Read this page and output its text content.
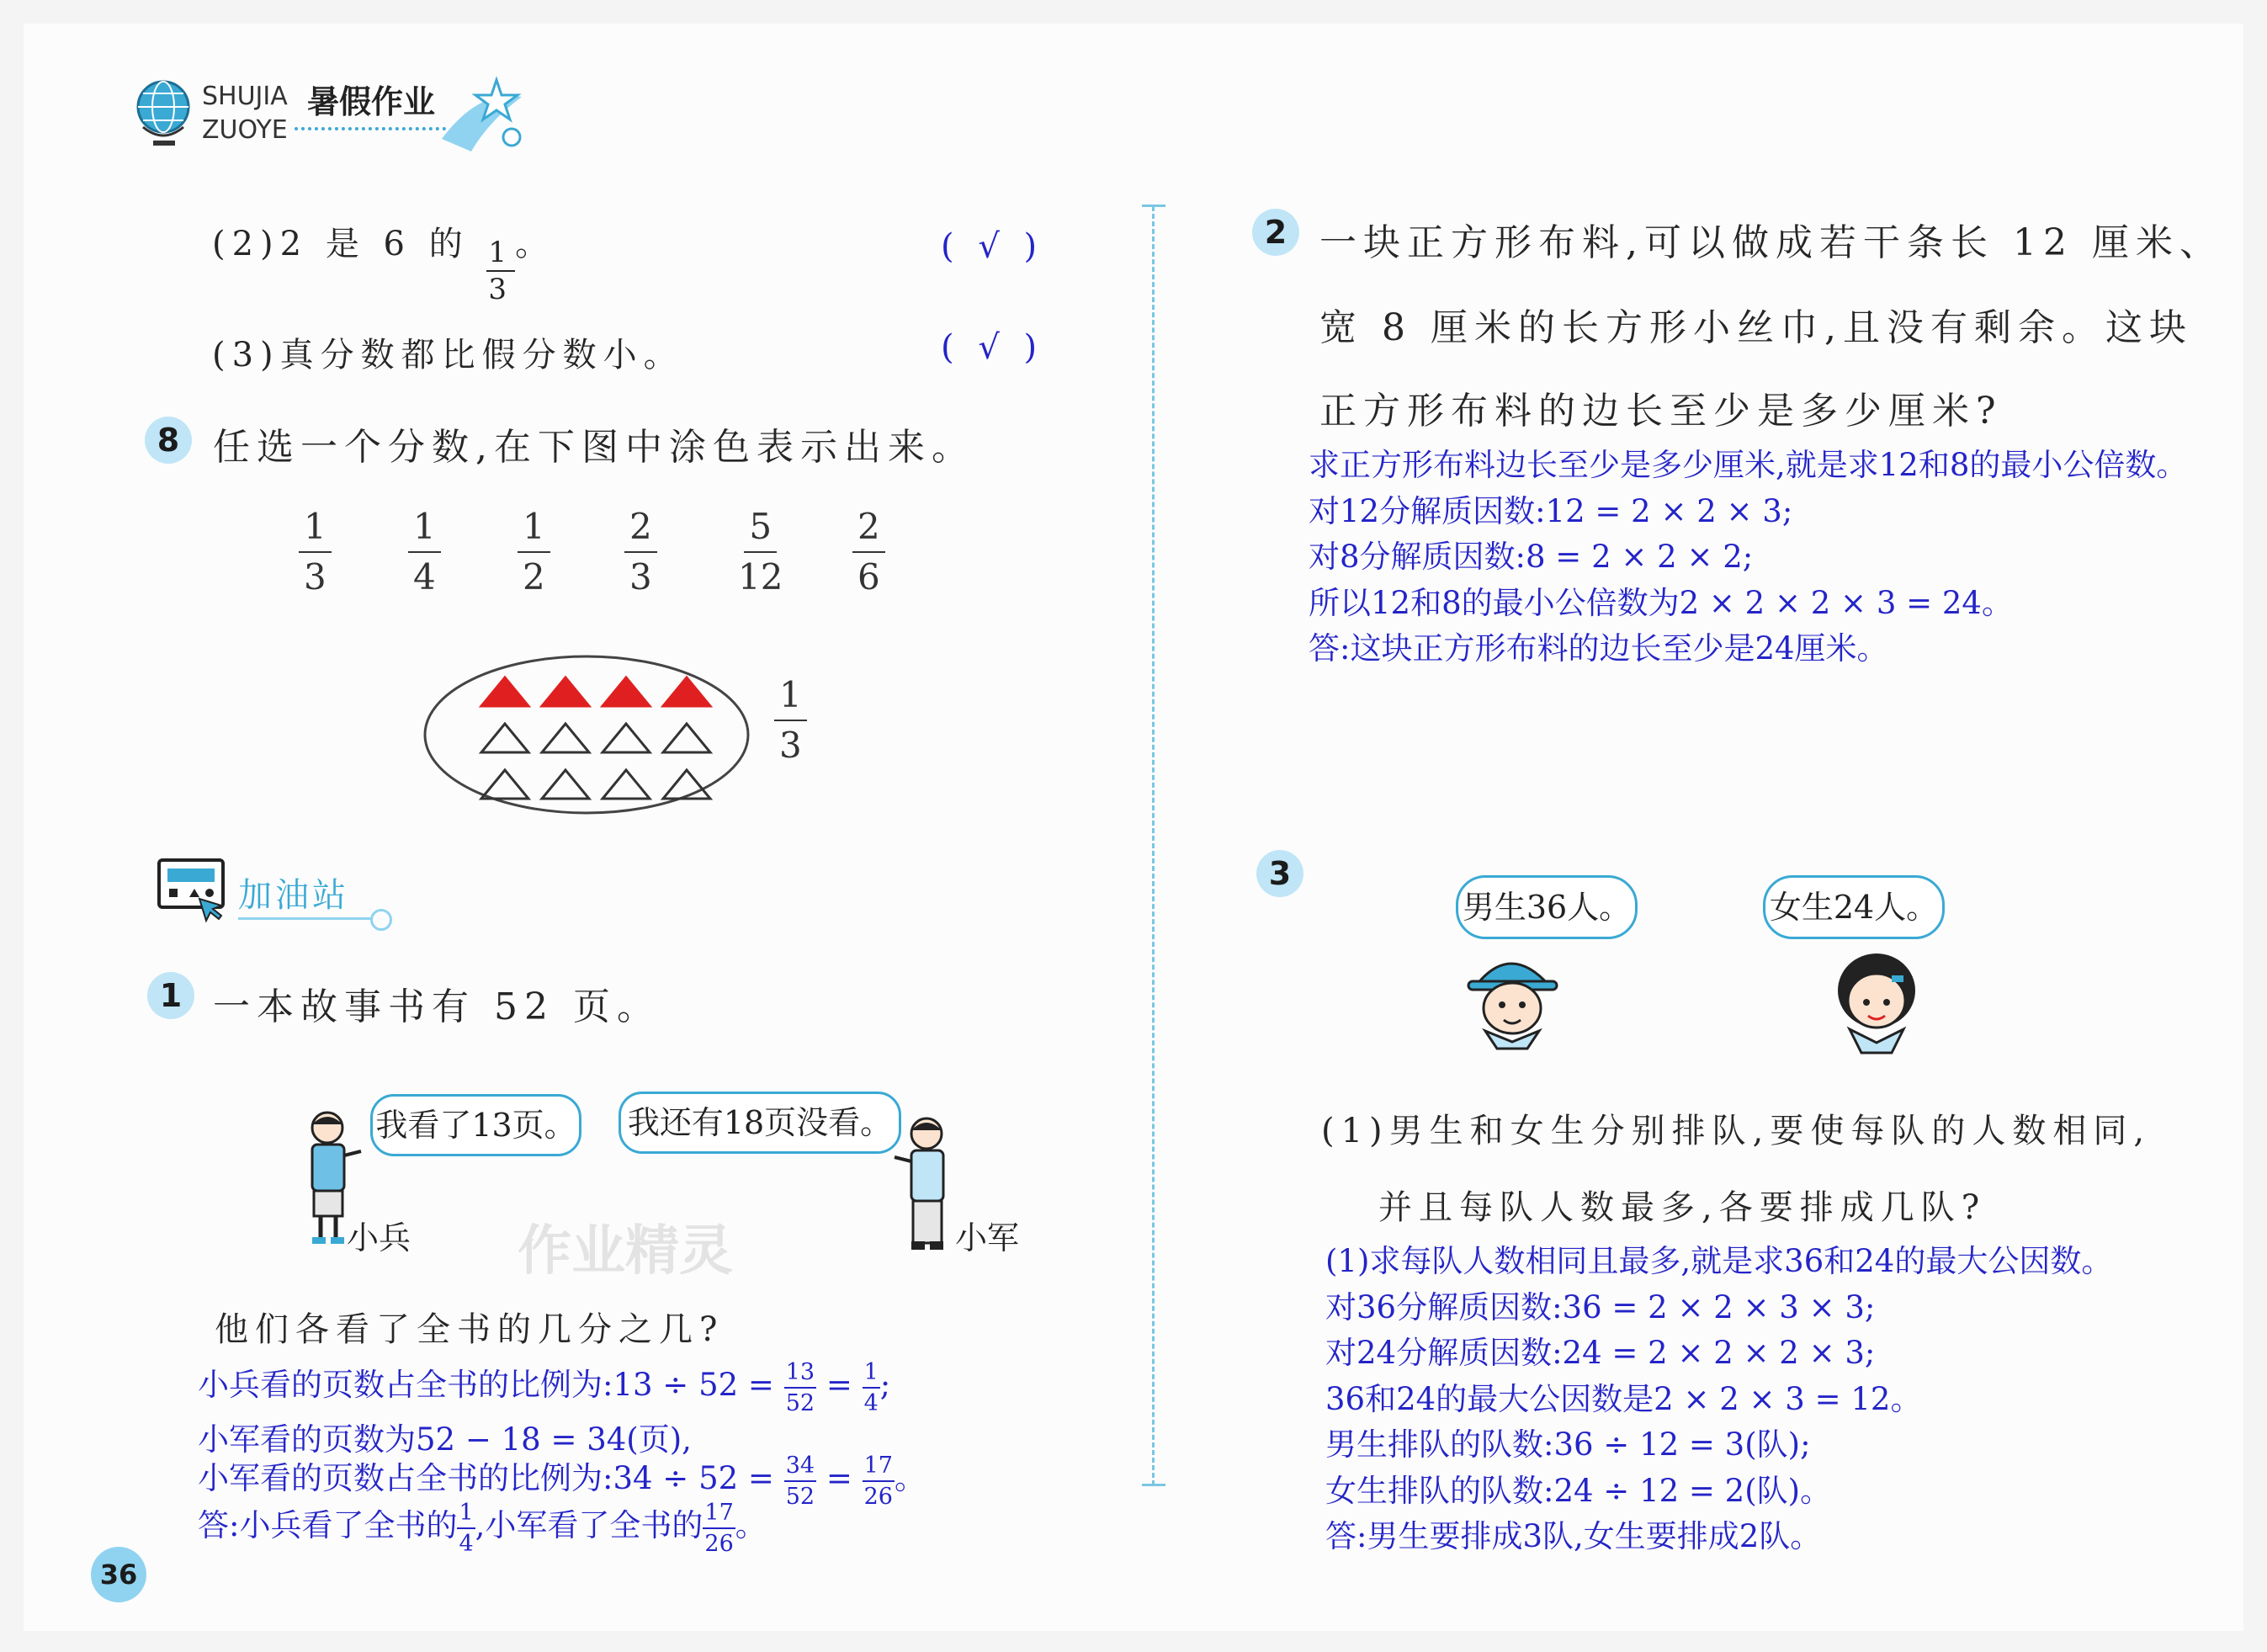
SHUJIA 暑假作业
ZUOYE
(2)2 是 6 的 $\frac{1}{3}$ 。	( √ )
(3)真分数都比假分数小。	( √ )
8 任选一个分数,在下图中涂色表示出来。
$\frac{1}{3} \frac{1}{4} \frac{1}{2} \frac{2}{3} \frac{5}{12} \frac{2}{6}$
$\frac{1}{3}$
加油站
1 一本故事书有 52 页。
我看了13页。 我还有18页没看。
小兵	小军
作业精灵
他们各看了全书的几分之几?
小兵看的页数占全书的比例为:13 ÷ $52 = \frac{13}{52} = \frac{1}{4}$ ;
小军看的页数为52 − 18 = 34(页),
小军看的页数占全书的比例为:34 ÷ $52 = \frac{34}{52} = \frac{17}{26}$ 。
答:小兵看了全书的 $\frac{1}{4}$ ,小军看了全书的 $\frac{17}{26}$ 。
36
2 一块正方形布料,可以做成若干条长 12 厘米、
宽 8 厘米的长方形小丝巾,且没有剩余。这块
正方形布料的边长至少是多少厘米?
求正方形布料边长至少是多少厘米,就是求12和8的最小公倍数。
对12分解质因数:12 = 2 × 2 × 3;
对8分解质因数:8 = 2 × 2 × 2;
所以12和8的最小公倍数为2 × 2 × 2 × 3 = 24。
答:这块正方形布料的边长至少是24厘米。
3
男生36人。	女生24人。
(1)男生和女生分别排队,要使每队的人数相同,
并且每队人数最多,各要排成几队?
(1)求每队人数相同且最多,就是求36和24的最大公因数。
对36分解质因数:36 = 2 × 2 × 3 × 3;
对24分解质因数:24 = 2 × 2 × 2 × 3;
36和24的最大公因数是2 × 2 × 3 = 12。
男生排队的队数:36 ÷ 12 = 3(队);
女生排队的队数:24 ÷ 12 = 2(队)。
答:男生要排成3队,女生要排成2队。
